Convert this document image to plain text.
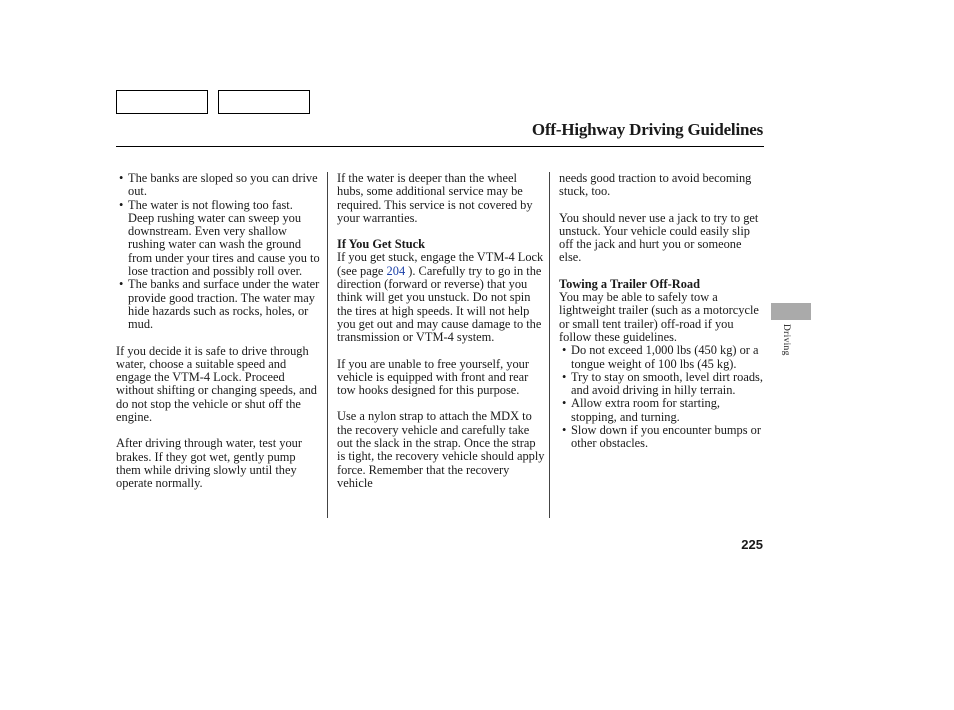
Off-Highway Driving Guidelines
• The banks are sloped so you can drive out.
• The water is not flowing too fast. Deep rushing water can sweep you downstream. Even very shallow rushing water can wash the ground from under your tires and cause you to lose traction and possibly roll over.
• The banks and surface under the water provide good traction. The water may hide hazards such as rocks, holes, or mud.

If you decide it is safe to drive through water, choose a suitable speed and engage the VTM-4 Lock. Proceed without shifting or changing speeds, and do not stop the vehicle or shut off the engine.

After driving through water, test your brakes. If they got wet, gently pump them while driving slowly until they operate normally.

If the water is deeper than the wheel hubs, some additional service may be required. This service is not covered by your warranties.

If You Get Stuck

If you get stuck, engage the VTM-4 Lock (see page 204 ). Carefully try to go in the direction (forward or reverse) that you think will get you unstuck. Do not spin the tires at high speeds. It will not help you get out and may cause damage to the transmission or VTM-4 system.

If you are unable to free yourself, your vehicle is equipped with front and rear tow hooks designed for this purpose.

Use a nylon strap to attach the MDX to the recovery vehicle and carefully take out the slack in the strap. Once the strap is tight, the recovery vehicle should apply force. Remember that the recovery vehicle

needs good traction to avoid becoming stuck, too.

You should never use a jack to try to get unstuck. Your vehicle could easily slip off the jack and hurt you or someone else.

Towing a Trailer Off-Road

You may be able to safely tow a lightweight trailer (such as a motorcycle or small tent trailer) off-road if you follow these guidelines.

• Do not exceed 1,000 lbs (450 kg) or a tongue weight of 100 lbs (45 kg).
• Try to stay on smooth, level dirt roads, and avoid driving in hilly terrain.
• Allow extra room for starting, stopping, and turning.
• Slow down if you encounter bumps or other obstacles.
Driving
225
